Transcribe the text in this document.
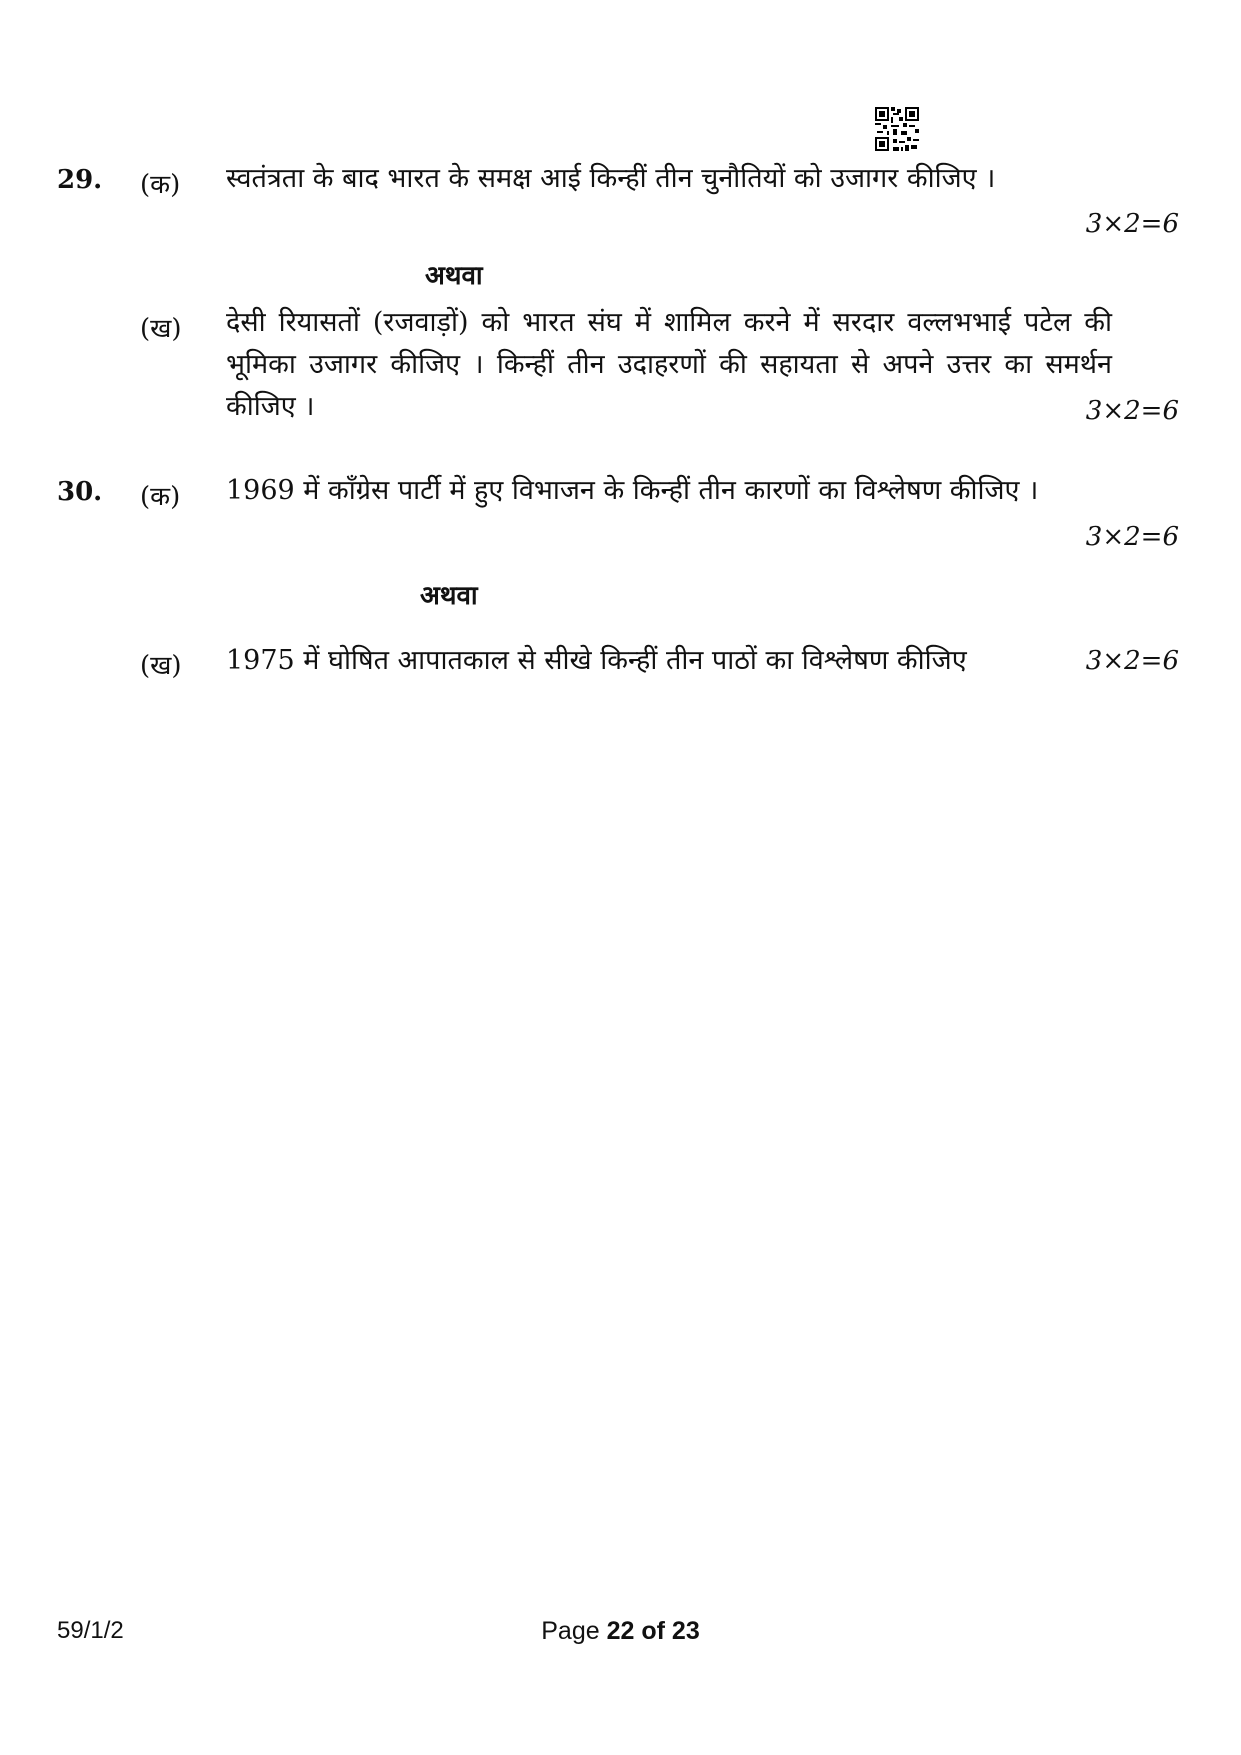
29. (क) स्वतंत्रता के बाद भारत के समक्ष आई किन्हीं तीन चुनौतियों को उजागर कीजिए ।
3×2=6
अथवा
(ख) देसी रियासतों (रजवाड़ों) को भारत संघ में शामिल करने में सरदार वल्लभभाई पटेल की भूमिका उजागर कीजिए । किन्हीं तीन उदाहरणों की सहायता से अपने उत्तर का समर्थन कीजिए ।	3×2=6
30. (क) 1969 में काँग्रेस पार्टी में हुए विभाजन के किन्हीं तीन कारणों का विश्लेषण कीजिए ।
3×2=6
अथवा
(ख) 1975 में घोषित आपातकाल से सीखे किन्हीं तीन पाठों का विश्लेषण कीजिए	3×2=6
59/1/2	Page 22 of 23
